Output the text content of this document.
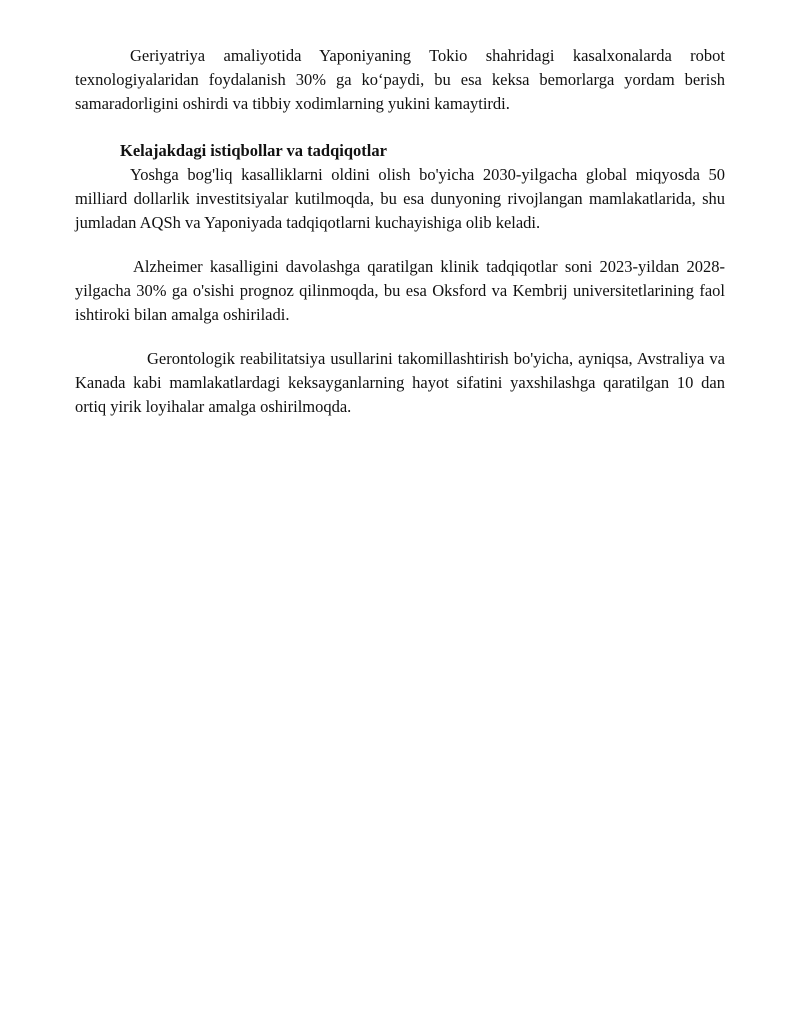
Geriyatriya amaliyotida Yaponiyaning Tokio shahridagi kasalxonalarda robot texnologiyalaridan foydalanish 30% ga ko‘paydi, bu esa keksa bemorlarga yordam berish samaradorligini oshirdi va tibbiy xodimlarning yukini kamaytirdi.

Kelajakdagi istiqbollar va tadqiqotlar

Yoshga bog'liq kasalliklarni oldini olish bo'yicha 2030-yilgacha global miqyosda 50 milliard dollarlik investitsiyalar kutilmoqda, bu esa dunyoning rivojlangan mamlakatlarida, shu jumladan AQSh va Yaponiyada tadqiqotlarni kuchayishiga olib keladi.

Alzheimer kasalligini davolashga qaratilgan klinik tadqiqotlar soni 2023-yildan 2028-yilgacha 30% ga o'sishi prognoz qilinmoqda, bu esa Oksford va Kembrij universitetlarining faol ishtiroki bilan amalga oshiriladi.

Gerontologik reabilitatsiya usullarini takomillashtirish bo'yicha, ayniqsa, Avstraliya va Kanada kabi mamlakatlardagi keksayganlarning hayot sifatini yaxshilashga qaratilgan 10 dan ortiq yirik loyihalar amalga oshirilmoqda.
